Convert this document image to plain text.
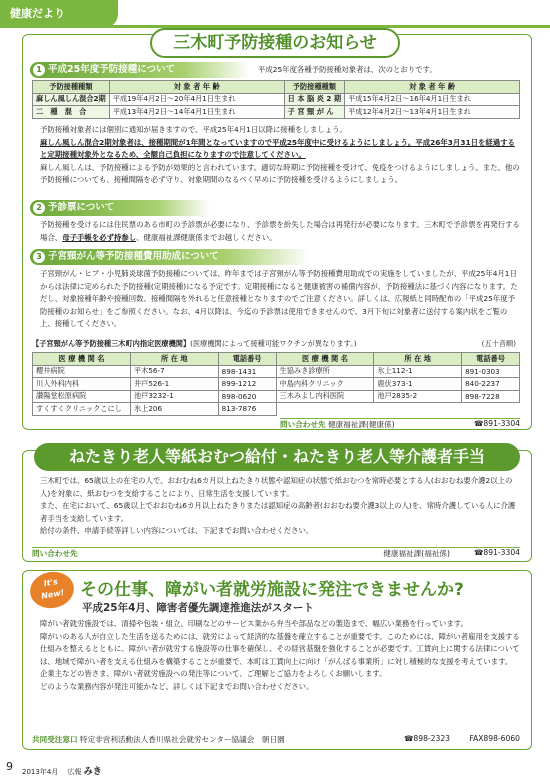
健康だより
三木町予防接種のお知らせ
1 平成25年度予防接種について	平成25年度各種予防接種対象者は、次のとおりです。
予防接種種類	対 象 者 年 齢	予防接種種類	対 象 者 年 齢
麻しん風しん混合2期	平成19年4月2日〜20年4月1日生まれ	日 本 脳 炎 2 期	平成15年4月2日〜16年4月1日生まれ
二　種　混　合	平成13年4月2日〜14年4月1日生まれ	子 宮 頸 が ん	平成12年4月2日〜13年4月1日生まれ

予防接種対象者には個別に通知が届きますので、平成25年4月1日以降に接種をしましょう。

麻しん風しん混合2期対象者は、接種期間が1年間となっていますので平成25年度中に受けるようにしましょう。平成26年3月31日を経過すると定期接種対象外となるため、全額自己負担になりますので注意してください。

麻しん風しんは、予防接種による予防が効果的と言われています。適切な時期に予防接種を受けて、免疫をつけるようにしましょう。また、他の予防接種についても、接種間隔を必ず守り、対象期間のなるべく早めに予防接種を受けるようにしましょう。

2 予診票について

予防接種を受けるには住民票のある市町の予診票が必要になり、予診票を紛失した場合は再発行が必要になります。三木町で予診票を再発行する場合、母子手帳を必ず持参し、健康福祉課健康係までお越しください。

3 子宮頸がん等予防接種費用助成について

子宮頸がん・ヒブ・小児肺炎球菌予防接種については、昨年までは子宮頸がん等予防接種費用助成での実施をしていましたが、平成25年4月1日からは法律に定められた予防接種(定期接種)になる予定です。定期接種になると健康被害の補償内容が、予防接種法に基づく内容になります。ただし、対象接種年齢や接種回数、接種間隔を外れると任意接種となりますのでご注意ください。詳しくは、広報紙と同時配布の「平成25年度予防接種のお知らせ」をご参照ください。なお、4月以降は、今迄の予診票は使用できませんので、3月下旬に対象者に送付する案内状をご覧の上、接種してください。

【子宮頸がん等予防接種三木町内指定医療機関】(医療機関によって接種可能ワクチンが異なります。)	(五十音順)
医 療 機 関 名	所 在 地	電話番号	医 療 機 関 名	所 在 地	電話番号
櫻井病院	平木56-7	898-1431	生協みき診療所	氷上112-1	891-0303
川人外科内科	井戸526-1	899-1212	中島内科クリニック	鹿伏373-1	840-2237
讃陽堂松原病院	池戸3232-1	898-0620	三木みよし内科医院	池戸2835-2	898-7228
すくすくクリニックこにし	氷上206	813-7876			
問い合わせ先 健康福祉課(健康係)	☎891-3304
ねたきり老人等紙おむつ給付・ねたきり老人等介護者手当

三木町では、65歳以上の在宅の人で、おおむね6カ月以上ねたきり状態や認知症の状態で紙おむつを常時必要とする人(おおむね要介護2以上の人)を対象に、紙おむつを支給することにより、日常生活を支援しています。

また、在宅において、65歳以上でおおむね6カ月以上ねたきりまたは認知症の高齢者(おおむね要介護3以上の人)を、常時介護している人に介護者手当を支給しています。

給付の条件、申請手続等詳しい内容については、下記までお問い合わせください。

問い合わせ先	健康福祉課(福祉係)	☎891-3304
It's
New! その仕事、障がい者就労施設に発注できませんか?
平成25年4月、障害者優先調達推進法がスタート

障がい者就労施設では、清掃や包装・組立、印刷などのサービス業から弁当や部品などの製造まで、幅広い業務を行っています。

障がいのある人が自立した生活を送るためには、就労によって経済的な基盤を確立することが重要です。このためには、障がい者雇用を支援する仕組みを整えるとともに、障がい者が就労する施設等の仕事を確保し、その経営基盤を強化することが必要です。工賃向上に関する法律については、地域で障がい者を支える仕組みを構築することが重要で、本町は工賃向上に向け「がんばる事業所」に対し積極的な支援を考えています。

企業主などの皆さま、障がい者就労施設への発注等について、ご理解とご協力をよろしくお願いします。

どのような業務内容が発注可能かなど、詳しくは下記までお問い合わせください。

共同受注窓口 特定非営利活動法人香川県社会就労センター協議会　朝日園	☎898-2323	FAX898-6060
9 2013年4月　 広報 みき
